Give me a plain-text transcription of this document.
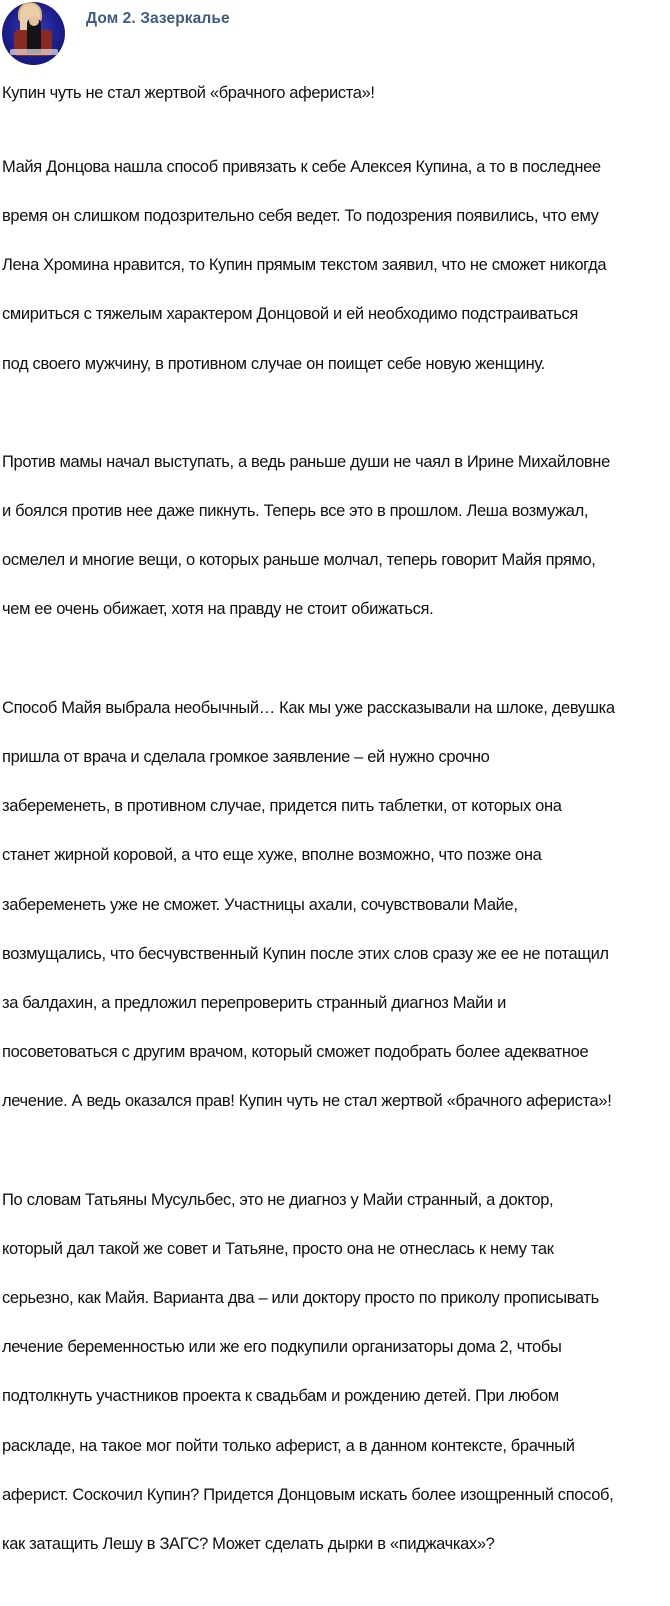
Дом 2. Зазеркалье

Купин чуть не стал жертвой «брачного афериста»!

Майя Донцова нашла способ привязать к себе Алексея Купина, а то в последнее

время он слишком подозрительно себя ведет. То подозрения появились, что ему

Лена Хромина нравится, то Купин прямым текстом заявил, что не сможет никогда

смириться с тяжелым характером Донцовой и ей необходимо подстраиваться

под своего мужчину, в противном случае он поищет себе новую женщину.

Против мамы начал выступать, а ведь раньше души не чаял в Ирине Михайловне

и боялся против нее даже пикнуть. Теперь все это в прошлом. Леша возмужал,

осмелел и многие вещи, о которых раньше молчал, теперь говорит Майя прямо,

чем ее очень обижает, хотя на правду не стоит обижаться.

Способ Майя выбрала необычный… Как мы уже рассказывали на шлоке, девушка

пришла от врача и сделала громкое заявление – ей нужно срочно

забеременеть, в противном случае, придется пить таблетки, от которых она

станет жирной коровой, а что еще хуже, вполне возможно, что позже она

забеременеть уже не сможет. Участницы ахали, сочувствовали Майе,

возмущались, что бесчувственный Купин после этих слов сразу же ее не потащил

за балдахин, а предложил перепроверить странный диагноз Майи и

посоветоваться с другим врачом, который сможет подобрать более адекватное

лечение. А ведь оказался прав! Купин чуть не стал жертвой «брачного афериста»!

По словам Татьяны Мусульбес, это не диагноз у Майи странный, а доктор,

который дал такой же совет и Татьяне, просто она не отнеслась к нему так

серьезно, как Майя. Варианта два – или доктору просто по приколу прописывать

лечение беременностью или же его подкупили организаторы дома 2, чтобы

подтолкнуть участников проекта к свадьбам и рождению детей. При любом

раскладе, на такое мог пойти только аферист, а в данном контексте, брачный

аферист. Соскочил Купин? Придется Донцовым искать более изощренный способ,

как затащить Лешу в ЗАГС? Может сделать дырки в «пиджачках»?
